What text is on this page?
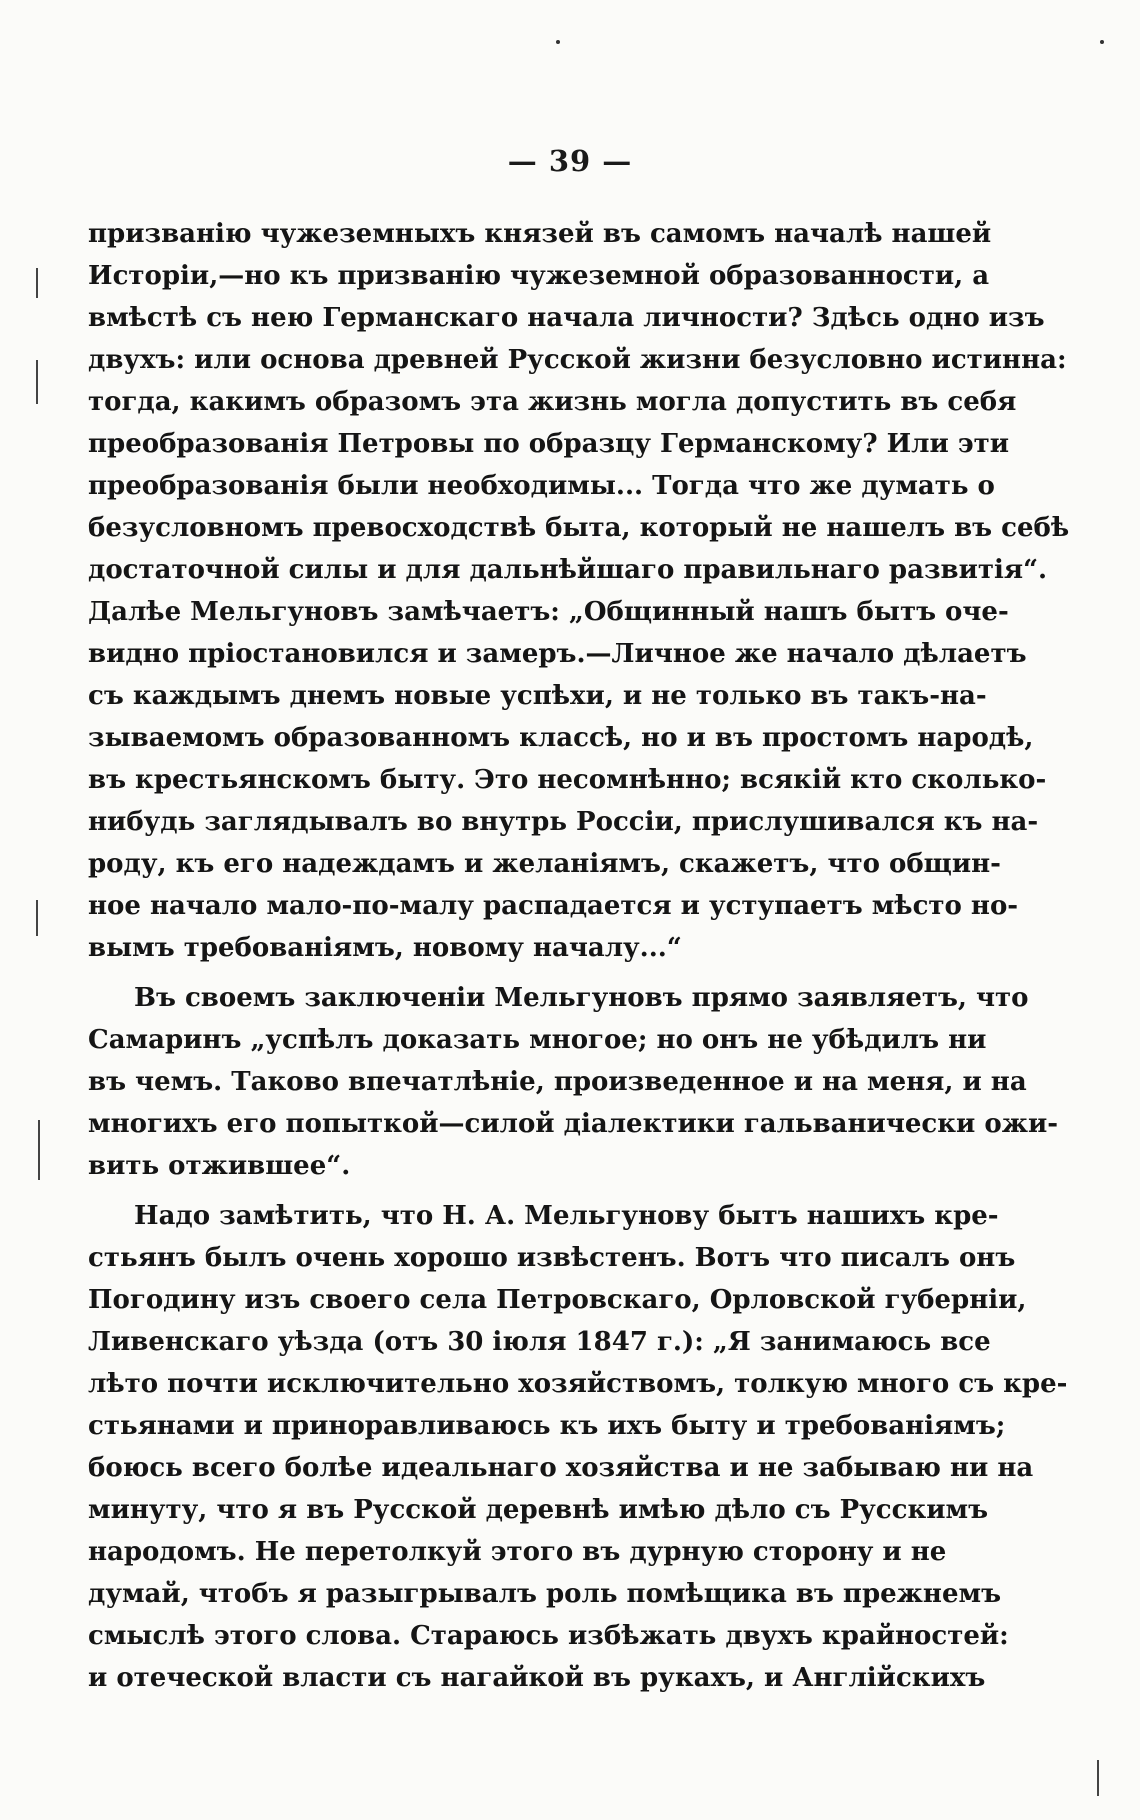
— 39 —
призванію чужеземныхъ князей въ самомъ началѣ нашей
Исторіи,—но къ призванію чужеземной образованности, а
вмѣстѣ съ нею Германскаго начала личности? Здѣсь одно изъ
двухъ: или основа древней Русской жизни безусловно истинна:
тогда, какимъ образомъ эта жизнь могла допустить въ себя
преобразованія Петровы по образцу Германскому? Или эти
преобразованія были необходимы... Тогда что же думать о
безусловномъ превосходствѣ быта, который не нашелъ въ себѣ
достаточной силы и для дальнѣйшаго правильнаго развитія“.
Далѣе Мельгуновъ замѣчаетъ: „Общинный нашъ бытъ оче-
видно пріостановился и замеръ.—Личное же начало дѣлаетъ
съ каждымъ днемъ новые успѣхи, и не только въ такъ-на-
зываемомъ образованномъ классѣ, но и въ простомъ народѣ,
въ крестьянскомъ быту. Это несомнѣнно; всякій кто сколько-
нибудь заглядывалъ во внутрь Россіи, прислушивался къ на-
роду, къ его надеждамъ и желаніямъ, скажетъ, что общин-
ное начало мало-по-малу распадается и уступаетъ мѣсто но-
вымъ требованіямъ, новому началу...“
Въ своемъ заключеніи Мельгуновъ прямо заявляетъ, что
Самаринъ „успѣлъ доказать многое; но онъ не убѣдилъ ни
въ чемъ. Таково впечатлѣніе, произведенное и на меня, и на
многихъ его попыткой—силой діалектики гальванически ожи-
вить отжившее“.
Надо замѣтить, что Н. А. Мельгунову бытъ нашихъ кре-
стьянъ былъ очень хорошо извѣстенъ. Вотъ что писалъ онъ
Погодину изъ своего села Петровскаго, Орловской губерніи,
Ливенскаго уѣзда (отъ 30 іюля 1847 г.): „Я занимаюсь все
лѣто почти исключительно хозяйствомъ, толкую много съ кре-
стьянами и приноравливаюсь къ ихъ быту и требованіямъ;
боюсь всего болѣе идеальнаго хозяйства и не забываю ни на
минуту, что я въ Русской деревнѣ имѣю дѣло съ Русскимъ
народомъ. Не перетолкуй этого въ дурную сторону и не
думай, чтобъ я разыгрывалъ роль помѣщика въ прежнемъ
смыслѣ этого слова. Стараюсь избѣжать двухъ крайностей:
и отеческой власти съ нагайкой въ рукахъ, и Англійскихъ
